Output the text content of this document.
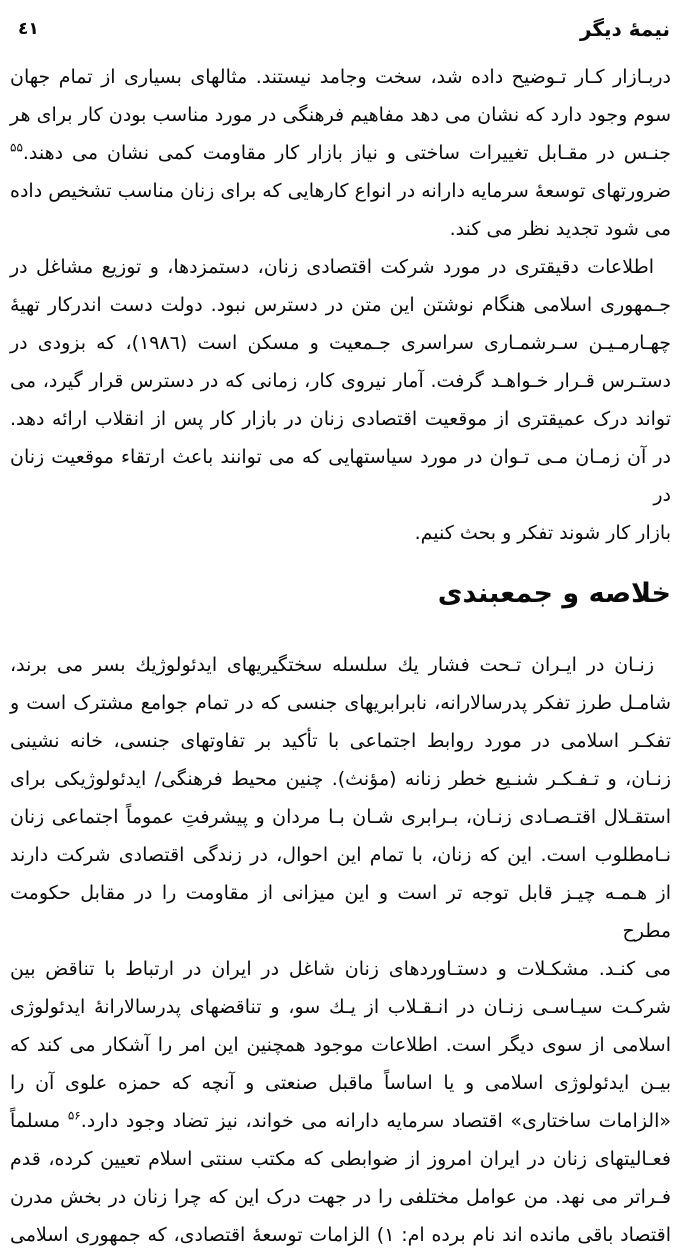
نيمهٔ ديگر
٤١
دربـازار كـار تـوضيح داده شد، سخت وجامد نيستند. مثالهاى بسيارى از تمام جهان
سوم وجود دارد كه نشان مى دهد مفاهيم فرهنگى در مورد مناسب بودن كار براى هر
جنـس در مقـابل تغييرات ساختى و نياز بازار كار مقاومت كمى نشان مى دهند.$^{۵۵}$
ضرورتهاى توسعهٔ سرمايه دارانه در انواع كارهايى كه براى زنان مناسب تشخيص داده
مى شود تجديد نظر مى كند.
اطلاعات دقيقترى در مورد شركت اقتصادى زنان، دستمزدها، و توزيع مشاغل در
جـمهورى اسلامى هنگام نوشتن اين متن در دسترس نبود. دولت دست اندركار تهيهٔ
چهـارمـيـن سـرشمـارى سراسرى جـمعيت و مسكن است (١٩٨٦)، كه بزودى در
دستـرس قـرار خـواهـد گرفت. آمار نيروى كار، زمانى كه در دسترس قرار گيرد، مى
تواند درک عميقترى از موقعيت اقتصادى زنان در بازار كار پس از انقلاب ارائه دهد.
در آن زمـان مـى تـوان در مورد سياستهايى كه مى توانند باعث ارتقاء موقعيت زنان در
بازار كار شوند تفكر و بحث كنيم.
خلاصه و جمعبندى
زنـان در ايـران تـحت فشار يك سلسله سختگيريهاى ايدئولوژيك بسر مى برند،
شامـل طرز تفكر پدرسالارانه، نابرابريهاى جنسى كه در تمام جوامع مشترک است و
تفكـر اسلامى در مورد روابط اجتماعى با تأكيد بر تفاوتهاى جنسى، خانه نشينى
زنـان، و تـفـكـر شنـيع خطر زنانه (مؤنث). چنين محيط فرهنگى/ ايدئولوژيكى براى
استقـلال اقتـصـادى زنـان، بـرابرى شـان بـا مردان و پيشرفتِ عموماً اجتماعى زنان
نـامطلوب است. اين كه زنان، با تمام اين احوال، در زندگى اقتصادى شركت دارند
از هـمـه چيـز قابل توجه تر است و اين ميزانى از مقاومت را در مقابل حكومت مطرح
مى كنـد. مشكـلات و دستـاوردهاى زنان شاغل در ايران در ارتباط با تناقض بين
شركـت سيـاسـى زنـان در انـقـلاب از يـك سو، و تناقضهاى پدرسالارانهٔ ايدئولوژى
اسلامى از سوى ديگر است. اطلاعات موجود همچنين اين امر را آشكار مى كند كه
بيـن ايدئولوژى اسلامى و يا اساساً ماقبل صنعتى و آنچه كه حمزه علوى آن را
«الزامات ساختارى» اقتصاد سرمايه دارانه مى خواند، نيز تضاد وجود دارد.$^{۵۶}$ مسلماً
فعـاليتهاى زنان در ايران امروز از ضوابطى كه مكتب سنتى اسلام تعيين كرده، قدم
فـراتر مى نهد. من عوامل مختلفى را در جهت درک اين كه چرا زنان در بخش مدرن
اقتصاد باقى مانده اند نام برده ام: ١) الزامات توسعهٔ اقتصادى، كه جمهورى اسلامى
